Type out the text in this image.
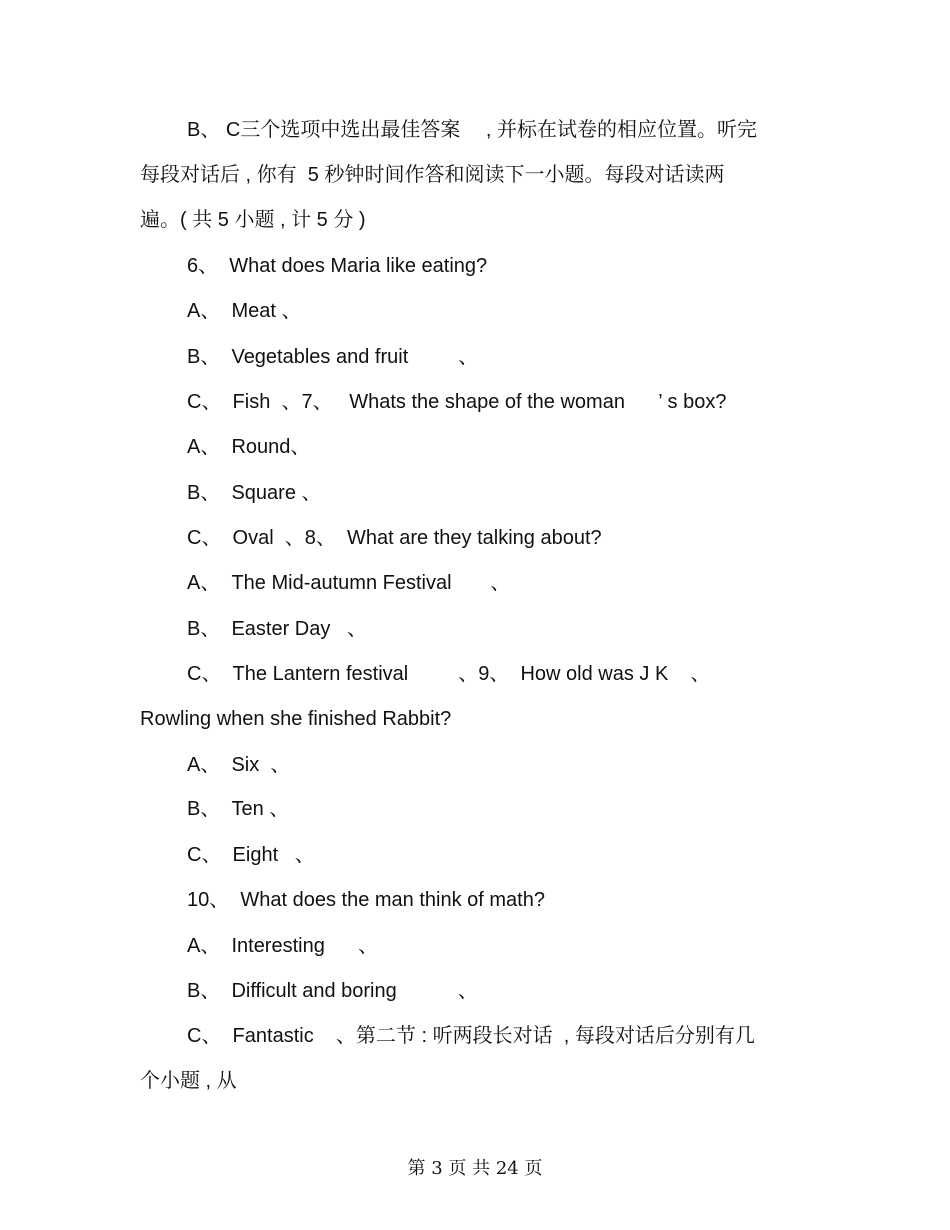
B、 C三个选项中选出最佳答案　 , 并标在试卷的相应位置。听完
每段对话后 , 你有  5 秒钟时间作答和阅读下一小题。每段对话读两
遍。( 共 5 小题 , 计 5 分 )
6、  What does Maria like eating?
A、  Meat 、
B、  Vegetables and fruit         、
C、  Fish  、7、   Whats the shape of the woman      ’ s box?
A、  Round、
B、  Square 、
C、  Oval  、8、  What are they talking about?
A、  The Mid-autumn Festival       、
B、  Easter Day   、
C、  The Lantern festival         、9、  How old was J K    、
Rowling when she finished Rabbit?
A、  Six  、
B、  Ten 、
C、  Eight   、
10、  What does the man think of math?
A、  Interesting      、
B、  Difficult and boring           、
C、  Fantastic    、第二节 : 听两段长对话  , 每段对话后分别有几
个小题 , 从
第 3 页 共 24 页
